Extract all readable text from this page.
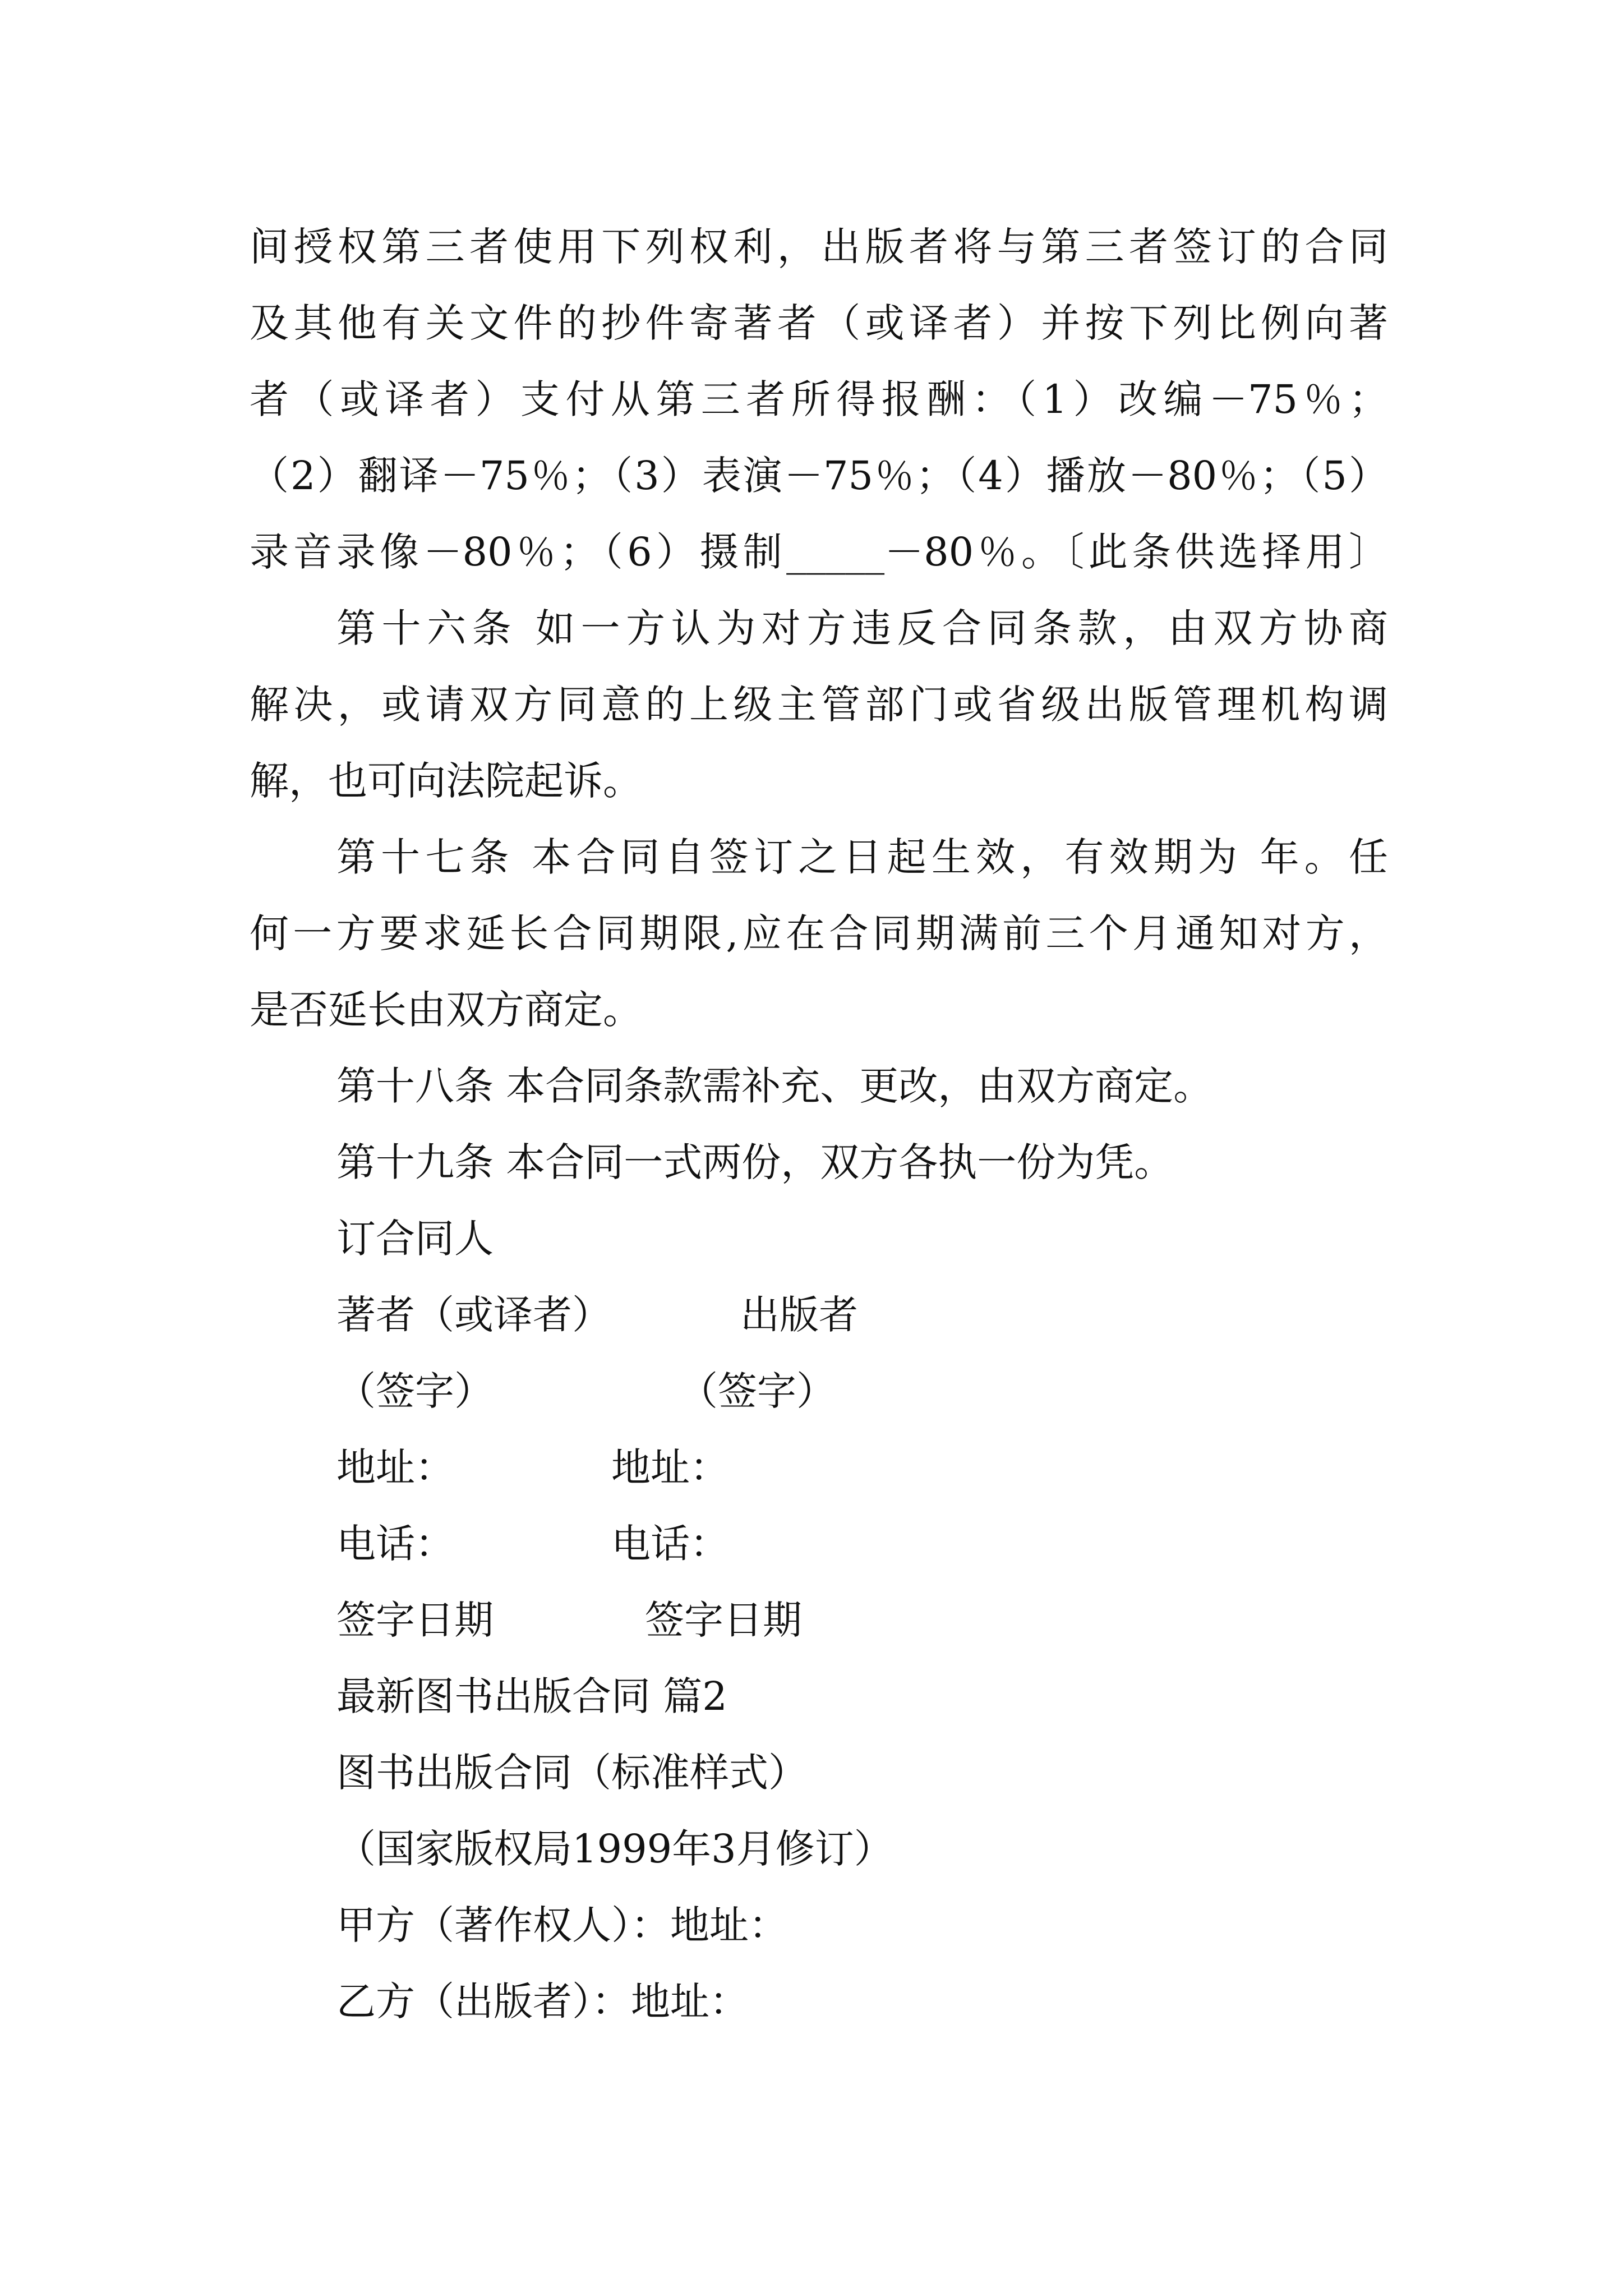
间授权第三者使用下列权利，出版者将与第三者签订的合同
及其他有关文件的抄件寄著者（或译者）并按下列比例向著
者（或译者）支付从第三者所得报酬：（1）改编－75％；
（2）翻译－75％；（3）表演－75％；（4）播放－80％；（5）
录音录像－80％；（6）摄制_____－80％。〔此条供选择用〕
第十六条 如一方认为对方违反合同条款，由双方协商
解决，或请双方同意的上级主管部门或省级出版管理机构调
解，也可向法院起诉。
第十七条 本合同自签订之日起生效，有效期为 年。任
何一方要求延长合同期限,应在合同期满前三个月通知对方，
是否延长由双方商定。
第十八条 本合同条款需补充、更改，由双方商定。
第十九条 本合同一式两份，双方各执一份为凭。
订合同人
著者（或译者）	出版者
（签字）	（签字）
地址：	地址：
电话：	电话：
签字日期	签字日期
最新图书出版合同 篇2
图书出版合同（标准样式）
（国家版权局1999年3月修订）
甲方（著作权人）：地址：
乙方（出版者）：地址：
